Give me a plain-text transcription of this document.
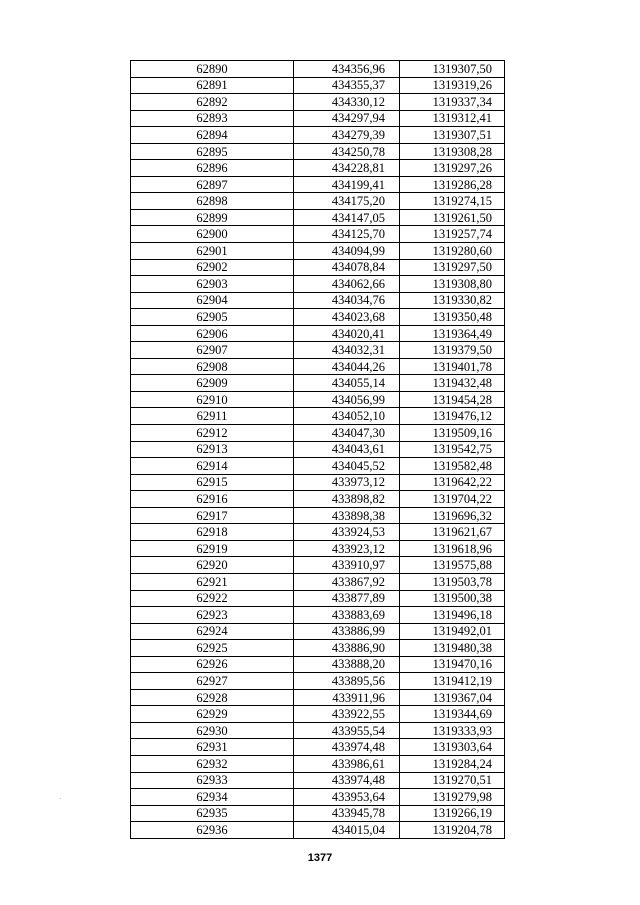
62890	434356,96	1319307,50
62891	434355,37	1319319,26
62892	434330,12	1319337,34
62893	434297,94	1319312,41
62894	434279,39	1319307,51
62895	434250,78	1319308,28
62896	434228,81	1319297,26
62897	434199,41	1319286,28
62898	434175,20	1319274,15
62899	434147,05	1319261,50
62900	434125,70	1319257,74
62901	434094,99	1319280,60
62902	434078,84	1319297,50
62903	434062,66	1319308,80
62904	434034,76	1319330,82
62905	434023,68	1319350,48
62906	434020,41	1319364,49
62907	434032,31	1319379,50
62908	434044,26	1319401,78
62909	434055,14	1319432,48
62910	434056,99	1319454,28
62911	434052,10	1319476,12
62912	434047,30	1319509,16
62913	434043,61	1319542,75
62914	434045,52	1319582,48
62915	433973,12	1319642,22
62916	433898,82	1319704,22
62917	433898,38	1319696,32
62918	433924,53	1319621,67
62919	433923,12	1319618,96
62920	433910,97	1319575,88
62921	433867,92	1319503,78
62922	433877,89	1319500,38
62923	433883,69	1319496,18
62924	433886,99	1319492,01
62925	433886,90	1319480,38
62926	433888,20	1319470,16
62927	433895,56	1319412,19
62928	433911,96	1319367,04
62929	433922,55	1319344,69
62930	433955,54	1319333,93
62931	433974,48	1319303,64
62932	433986,61	1319284,24
62933	433974,48	1319270,51
62934	433953,64	1319279,98
62935	433945,78	1319266,19
62936	434015,04	1319204,78
.
1377
